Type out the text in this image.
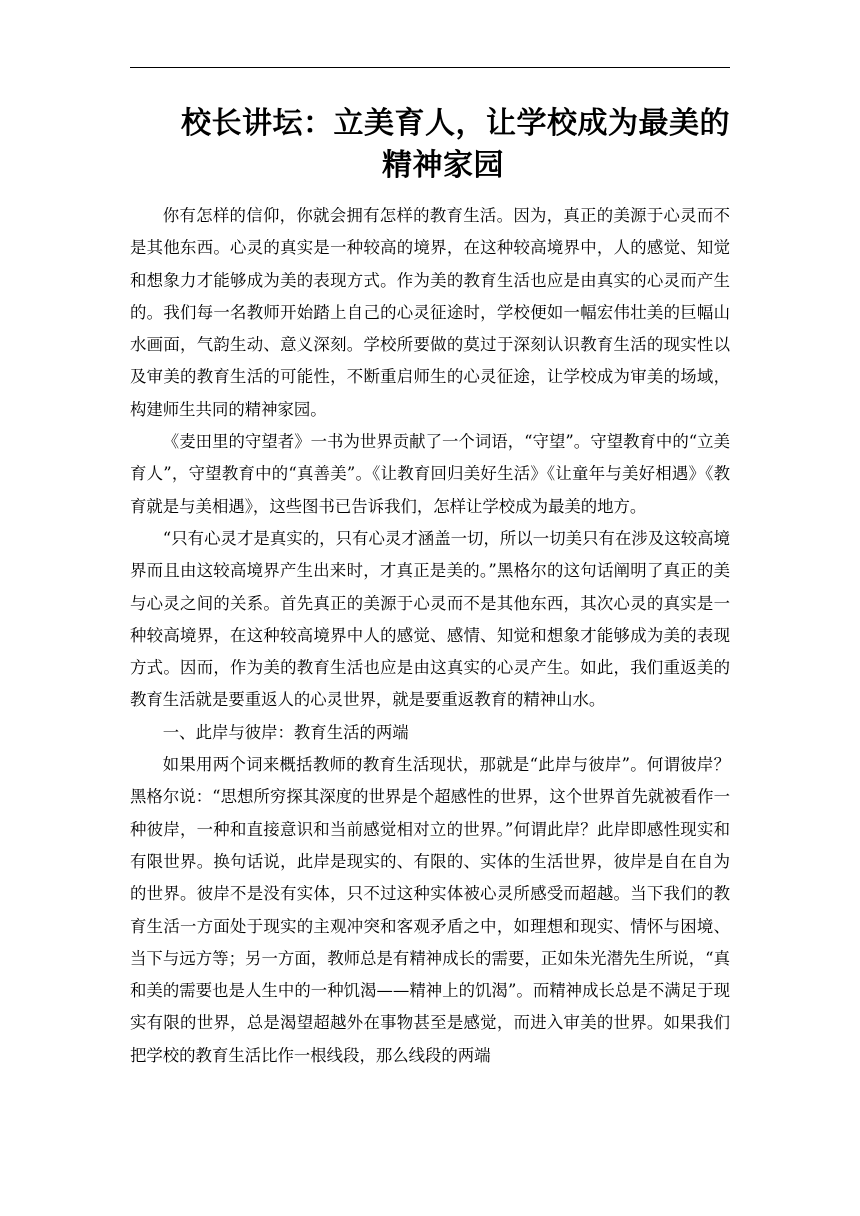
校长讲坛：立美育人，让学校成为最美的
精神家园

你有怎样的信仰，你就会拥有怎样的教育生活。因为，真正的美源于心灵而不是其他东西。心灵的真实是一种较高的境界，在这种较高境界中，人的感觉、知觉和想象力才能够成为美的表现方式。作为美的教育生活也应是由真实的心灵而产生的。我们每一名教师开始踏上自己的心灵征途时，学校便如一幅宏伟壮美的巨幅山水画面，气韵生动、意义深刻。学校所要做的莫过于深刻认识教育生活的现实性以及审美的教育生活的可能性，不断重启师生的心灵征途，让学校成为审美的场域，构建师生共同的精神家园。

《麦田里的守望者》一书为世界贡献了一个词语，“守望”。守望教育中的“立美育人”，守望教育中的“真善美”。《让教育回归美好生活》《让童年与美好相遇》《教育就是与美相遇》，这些图书已告诉我们，怎样让学校成为最美的地方。

“只有心灵才是真实的，只有心灵才涵盖一切，所以一切美只有在涉及这较高境界而且由这较高境界产生出来时，才真正是美的。”黑格尔的这句话阐明了真正的美与心灵之间的关系。首先真正的美源于心灵而不是其他东西，其次心灵的真实是一种较高境界，在这种较高境界中人的感觉、感情、知觉和想象才能够成为美的表现方式。因而，作为美的教育生活也应是由这真实的心灵产生。如此，我们重返美的教育生活就是要重返人的心灵世界，就是要重返教育的精神山水。

一、此岸与彼岸：教育生活的两端

如果用两个词来概括教师的教育生活现状，那就是“此岸与彼岸”。何谓彼岸？黑格尔说：“思想所穷探其深度的世界是个超感性的世界，这个世界首先就被看作一种彼岸，一种和直接意识和当前感觉相对立的世界。”何谓此岸？此岸即感性现实和有限世界。换句话说，此岸是现实的、有限的、实体的生活世界，彼岸是自在自为的世界。彼岸不是没有实体，只不过这种实体被心灵所感受而超越。当下我们的教育生活一方面处于现实的主观冲突和客观矛盾之中，如理想和现实、情怀与困境、当下与远方等；另一方面，教师总是有精神成长的需要，正如朱光潜先生所说，“真和美的需要也是人生中的一种饥渴——精神上的饥渴”。而精神成长总是不满足于现实有限的世界，总是渴望超越外在事物甚至是感觉，而进入审美的世界。如果我们把学校的教育生活比作一根线段，那么线段的两端
